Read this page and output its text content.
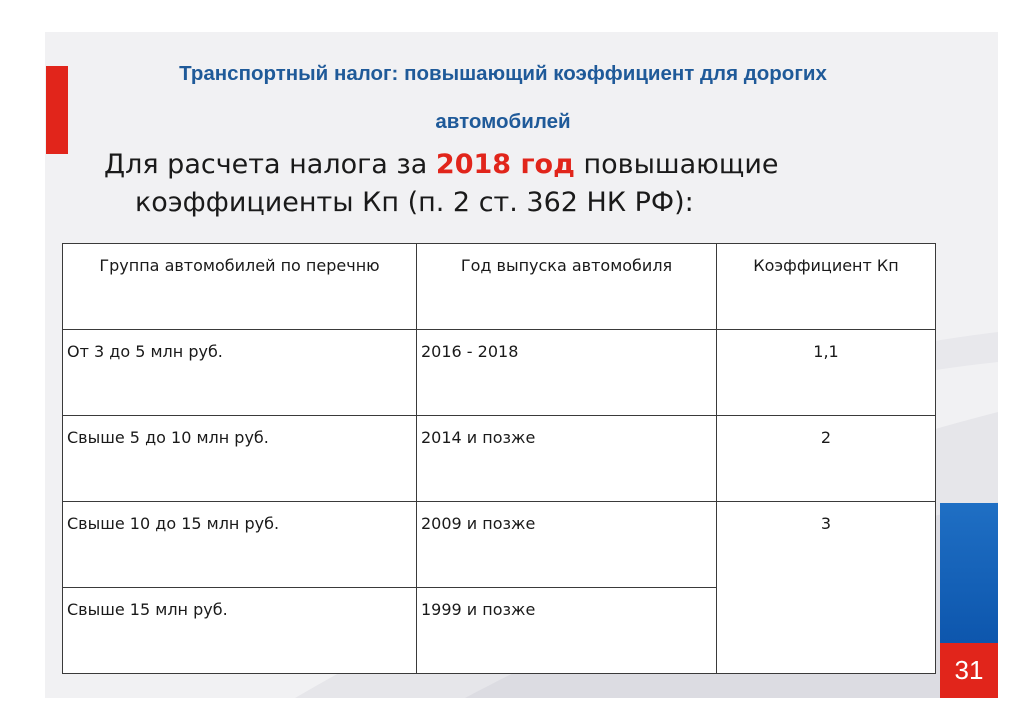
Транспортный налог: повышающий коэффициент для дорогих
автомобилей
Для расчета налога за 2018 год повышающие
коэффициенты Кп (п. 2 ст. 362 НК РФ):
Группа автомобилей по перечню	Год выпуска автомобиля	Коэффициент Кп
От 3 до 5 млн руб.	2016 - 2018	1,1
Свыше 5 до 10 млн руб.	2014 и позже	2
Свыше 10 до 15 млн руб.	2009 и позже	3
Свыше 15 млн руб.	1999 и позже	
31
